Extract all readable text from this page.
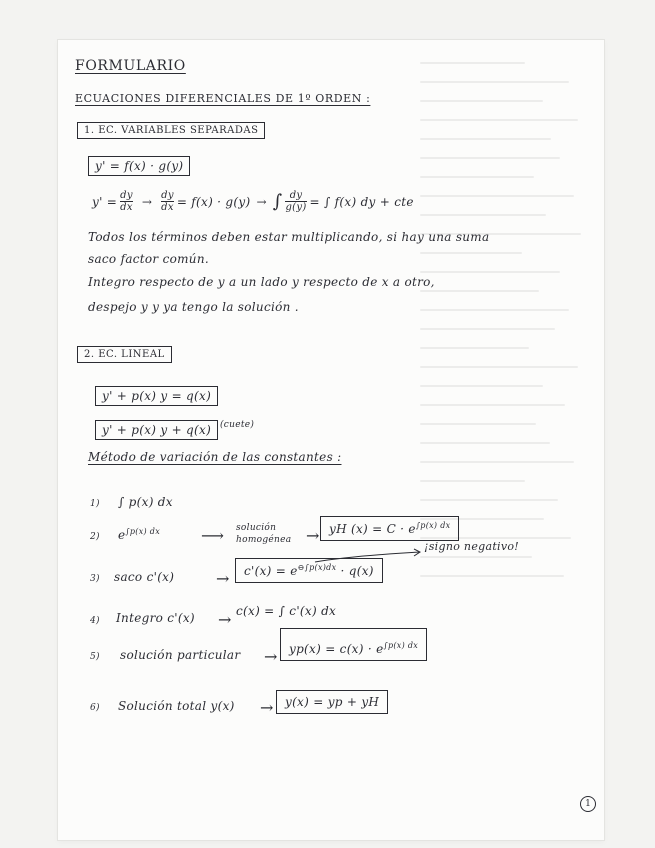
FORMULARIO
ECUACIONES DIFERENCIALES DE 1º ORDEN :
1. EC. VARIABLES SEPARADAS
y' = f(x) · g(y)
$y' = \frac{dy}{dx} \to \frac{dy}{dx} = f(x) \cdot g(y)$ → ∫ $\frac{dy}{g(y)}$ = ∫ f(x) dy + cte
Todos los términos deben estar multiplicando, si hay una suma
saco factor común.
Integro respecto de y a un lado y respecto de x a otro,
despejo y y ya tengo la solución .
2. EC. LINEAL
y' + p(x) y = q(x)
y' + p(x) y + q(x) (cuete)
Método de variación de las constantes :
1) ∫ p(x) dx
2) $e^{\int p(x) dx}$	⟶ solución
homogénea → yH $(x) = C \cdot e^{\int p(x) dx}$
¡signo negativo!
3) saco c'(x)	→	$c'(x) = e^{⊖\int p(x)dx} \cdot q(x)$
4) Integro c'(x) → c(x) = ∫ c'(x) dx
5) solución particular → $yp(x) = c(x) \cdot e^{\int p(x) dx}$
6) Solución total y(x) → y(x) = yp + yH
1
